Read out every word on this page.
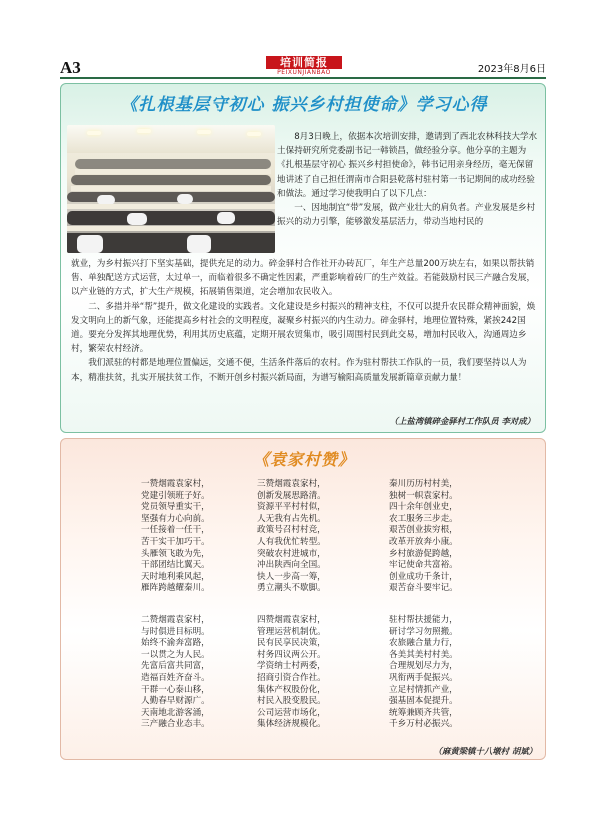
A3	培训简报
PEIXUNJIANBAO	2023年8月6日
《扎根基层守初心 振兴乡村担使命》学习心得

8月3日晚上，依据本次培训安排，邀请到了西北农林科技大学水土保持研究所党委副书记一韩锁昌，做经验分享。他分享的主题为《扎根基层守初心 振兴乡村担使命》，韩书记用亲身经历，毫无保留地讲述了自己担任渭南市合阳县乾落村驻村第一书记期间的成功经验和做法。通过学习使我明白了以下几点：

一、因地制宜“带”发展，做产业壮大的肩负者。产业发展是乡村振兴的动力引擎，能够激发基层活力，带动当地村民的

就业，为乡村振兴打下坚实基础，提供充足的动力。碎金驿村合作社开办砖瓦厂，年生产总量200万块左右，如果以帮扶销售、单独配送方式运营，太过单一，而临着很多不确定性因素，严重影响着砖厂的生产效益。若能鼓励村民三产融合发展，以产业链的方式，扩大生产规模，拓展销售渠道，定会增加农民收入。

二、多措并举“帮”提升，做文化建设的实践者。文化建设是乡村振兴的精神支柱，不仅可以提升农民群众精神面貌，焕发文明向上的新气象，还能提高乡村社会的文明程度，凝聚乡村振兴的内生动力。碎金驿村，地理位置特殊，紧挨242国道。要充分发挥其地理优势，利用其历史底蕴，定期开展农贸集市，吸引周围村民到此交易，增加村民收入，沟通周边乡村，繁荣农村经济。

我们派驻的村都是地理位置偏远，交通不便，生活条件落后的农村。作为驻村帮扶工作队的一员，我们要坚持以人为本，精准扶贫，扎实开展扶贫工作，不断开创乡村振兴新局面，为谱写榆阳高质量发展新篇章贡献力量！

（上盐湾镇碎金驿村工作队员 李对成）
《袁家村赞》
一赞烟霞袁家村，
党建引领班子好。
党员领导重实干，
坚强有力心向前。
一任接着一任干，
苦干实干加巧干。
头雁领飞敢为先，
干部团结比翼天。
天时地利乘风起，
雁阵跨越耀秦川。
三赞烟霞袁家村，
创新发展思路清。
资源平平村村似，
人无我有占先机。
政策号召村村竞，
人有我优忙转型。
突破农村进城市，
冲出陕西向全国。
快人一步高一筹，
勇立潮头不歇脚。
秦川历历村村美，
独树一帜袁家村。
四十余年创业史，
农工服务三步走。
艰苦创业拔穷根，
改革开放奔小康。
乡村旅游促跨越，
牢记使命共富裕。
创业成功千条计，
艰苦奋斗要牢记。
二赞烟霞袁家村，
与时俱进目标明。
始终不渝奔富路，
一以贯之为人民。
先富后富共同富，
造福百姓齐奋斗。
干群一心泰山移，
人勤春早财源广。
天南地北游客涌，
三产融合业态丰。
四赞烟霞袁家村，
管理运营机制优。
民有民享民决策，
村务四议两公开。
学资纳士村两委，
招商引资合作社。
集体产权股份化，
村民入股变股民。
公司运营市场化，
集体经济规模化。
驻村帮扶援能力，
研讨学习勿照搬。
农旅融合量力行，
各美其美村村美。
合理规划尽力为，
巩衔两手促振兴。
立足村情抓产业，
强基固本促提升。
统筹兼顾齐共管，
千乡万村必振兴。
（麻黄梁镇十八墩村 胡斌）
